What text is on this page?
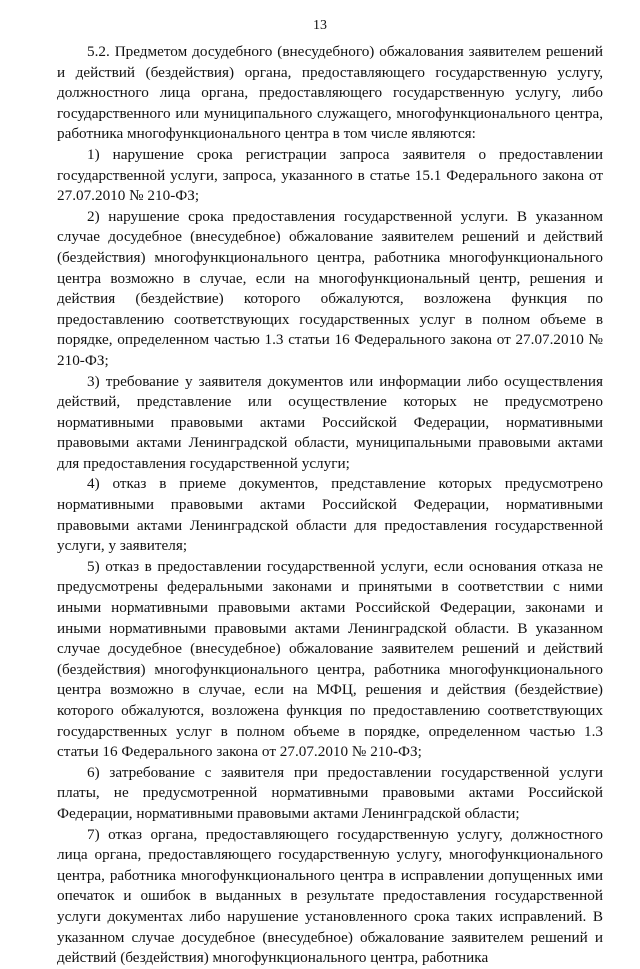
13

5.2. Предметом досудебного (внесудебного) обжалования заявителем решений и действий (бездействия) органа, предоставляющего государственную услугу, должностного лица органа, предоставляющего государственную услугу, либо государственного или муниципального служащего, многофункционального центра, работника многофункционального центра в том числе являются:

1) нарушение срока регистрации запроса заявителя о предоставлении государственной услуги, запроса, указанного в статье 15.1 Федерального закона от 27.07.2010 № 210-ФЗ;

2) нарушение срока предоставления государственной услуги. В указанном случае досудебное (внесудебное) обжалование заявителем решений и действий (бездействия) многофункционального центра, работника многофункционального центра возможно в случае, если на многофункциональный центр, решения и действия (бездействие) которого обжалуются, возложена функция по предоставлению соответствующих государственных услуг в полном объеме в порядке, определенном частью 1.3 статьи 16 Федерального закона от 27.07.2010 № 210-ФЗ;

3) требование у заявителя документов или информации либо осуществления действий, представление или осуществление которых не предусмотрено нормативными правовыми актами Российской Федерации, нормативными правовыми актами Ленинградской области, муниципальными правовыми актами для предоставления государственной услуги;

4) отказ в приеме документов, представление которых предусмотрено нормативными правовыми актами Российской Федерации, нормативными правовыми актами Ленинградской области для предоставления государственной услуги, у заявителя;

5) отказ в предоставлении государственной услуги, если основания отказа не предусмотрены федеральными законами и принятыми в соответствии с ними иными нормативными правовыми актами Российской Федерации, законами и иными нормативными правовыми актами Ленинградской области. В указанном случае досудебное (внесудебное) обжалование заявителем решений и действий (бездействия) многофункционального центра, работника многофункционального центра возможно в случае, если на МФЦ, решения и действия (бездействие) которого обжалуются, возложена функция по предоставлению соответствующих государственных услуг в полном объеме в порядке, определенном частью 1.3 статьи 16 Федерального закона от 27.07.2010 № 210-ФЗ;

6) затребование с заявителя при предоставлении государственной услуги платы, не предусмотренной нормативными правовыми актами Российской Федерации, нормативными правовыми актами Ленинградской области;

7) отказ органа, предоставляющего государственную услугу, должностного лица органа, предоставляющего государственную услугу, многофункционального центра, работника многофункционального центра в исправлении допущенных ими опечаток и ошибок в выданных в результате предоставления государственной услуги документах либо нарушение установленного срока таких исправлений. В указанном случае досудебное (внесудебное) обжалование заявителем решений и действий (бездействия) многофункционального центра, работника
